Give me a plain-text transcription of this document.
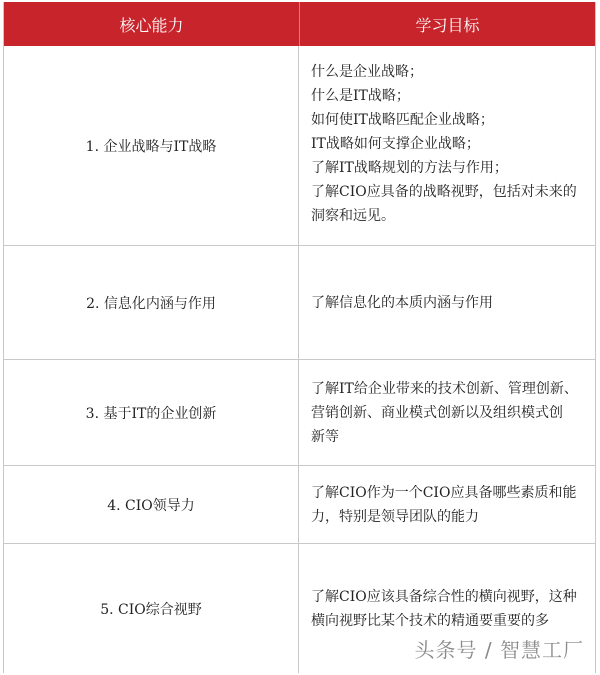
核心能力	学习目标
1. 企业战略与IT战略
什么是企业战略；
什么是IT战略；
如何使IT战略匹配企业战略；
IT战略如何支撑企业战略；
了解IT战略规划的方法与作用；
了解CIO应具备的战略视野，包括对未来的
洞察和远见。
2. 信息化内涵与作用	了解信息化的本质内涵与作用
3. 基于IT的企业创新
了解IT给企业带来的技术创新、管理创新、
营销创新、商业模式创新以及组织模式创
新等
4. CIO领导力
了解CIO作为一个CIO应具备哪些素质和能
力，特别是领导团队的能力
5. CIO综合视野
了解CIO应该具备综合性的横向视野，这种
横向视野比某个技术的精通要重要的多
头条号 / 智慧工厂
